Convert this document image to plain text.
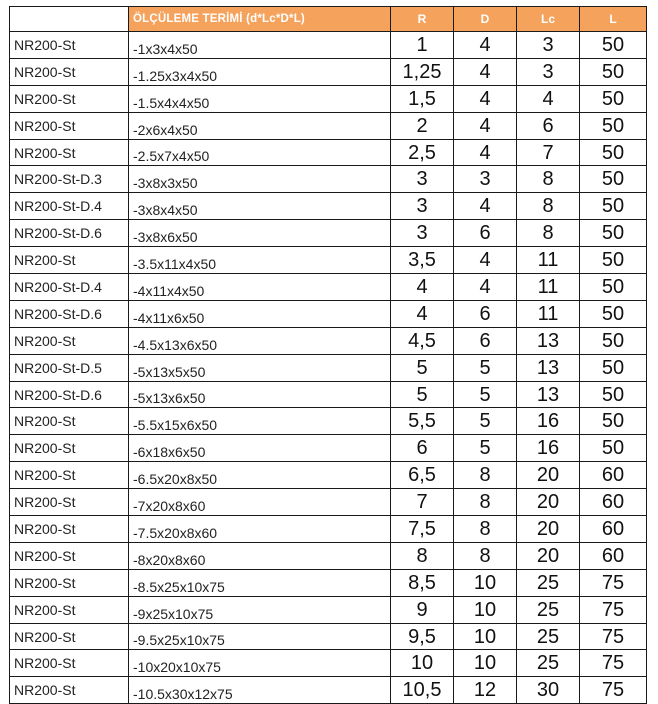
	ÖLÇÜLEME TERİMİ (d*Lc*D*L)	R	D	Lc	L
NR200-St	-1x3x4x50	1	4	3	50
NR200-St	-1.25x3x4x50	1,25	4	3	50
NR200-St	-1.5x4x4x50	1,5	4	4	50
NR200-St	-2x6x4x50	2	4	6	50
NR200-St	-2.5x7x4x50	2,5	4	7	50
NR200-St-D.3	-3x8x3x50	3	3	8	50
NR200-St-D.4	-3x8x4x50	3	4	8	50
NR200-St-D.6	-3x8x6x50	3	6	8	50
NR200-St	-3.5x11x4x50	3,5	4	11	50
NR200-St-D.4	-4x11x4x50	4	4	11	50
NR200-St-D.6	-4x11x6x50	4	6	11	50
NR200-St	-4.5x13x6x50	4,5	6	13	50
NR200-St-D.5	-5x13x5x50	5	5	13	50
NR200-St-D.6	-5x13x6x50	5	5	13	50
NR200-St	-5.5x15x6x50	5,5	5	16	50
NR200-St	-6x18x6x50	6	5	16	50
NR200-St	-6.5x20x8x50	6,5	8	20	60
NR200-St	-7x20x8x60	7	8	20	60
NR200-St	-7.5x20x8x60	7,5	8	20	60
NR200-St	-8x20x8x60	8	8	20	60
NR200-St	-8.5x25x10x75	8,5	10	25	75
NR200-St	-9x25x10x75	9	10	25	75
NR200-St	-9.5x25x10x75	9,5	10	25	75
NR200-St	-10x20x10x75	10	10	25	75
NR200-St	-10.5x30x12x75	10,5	12	30	75
